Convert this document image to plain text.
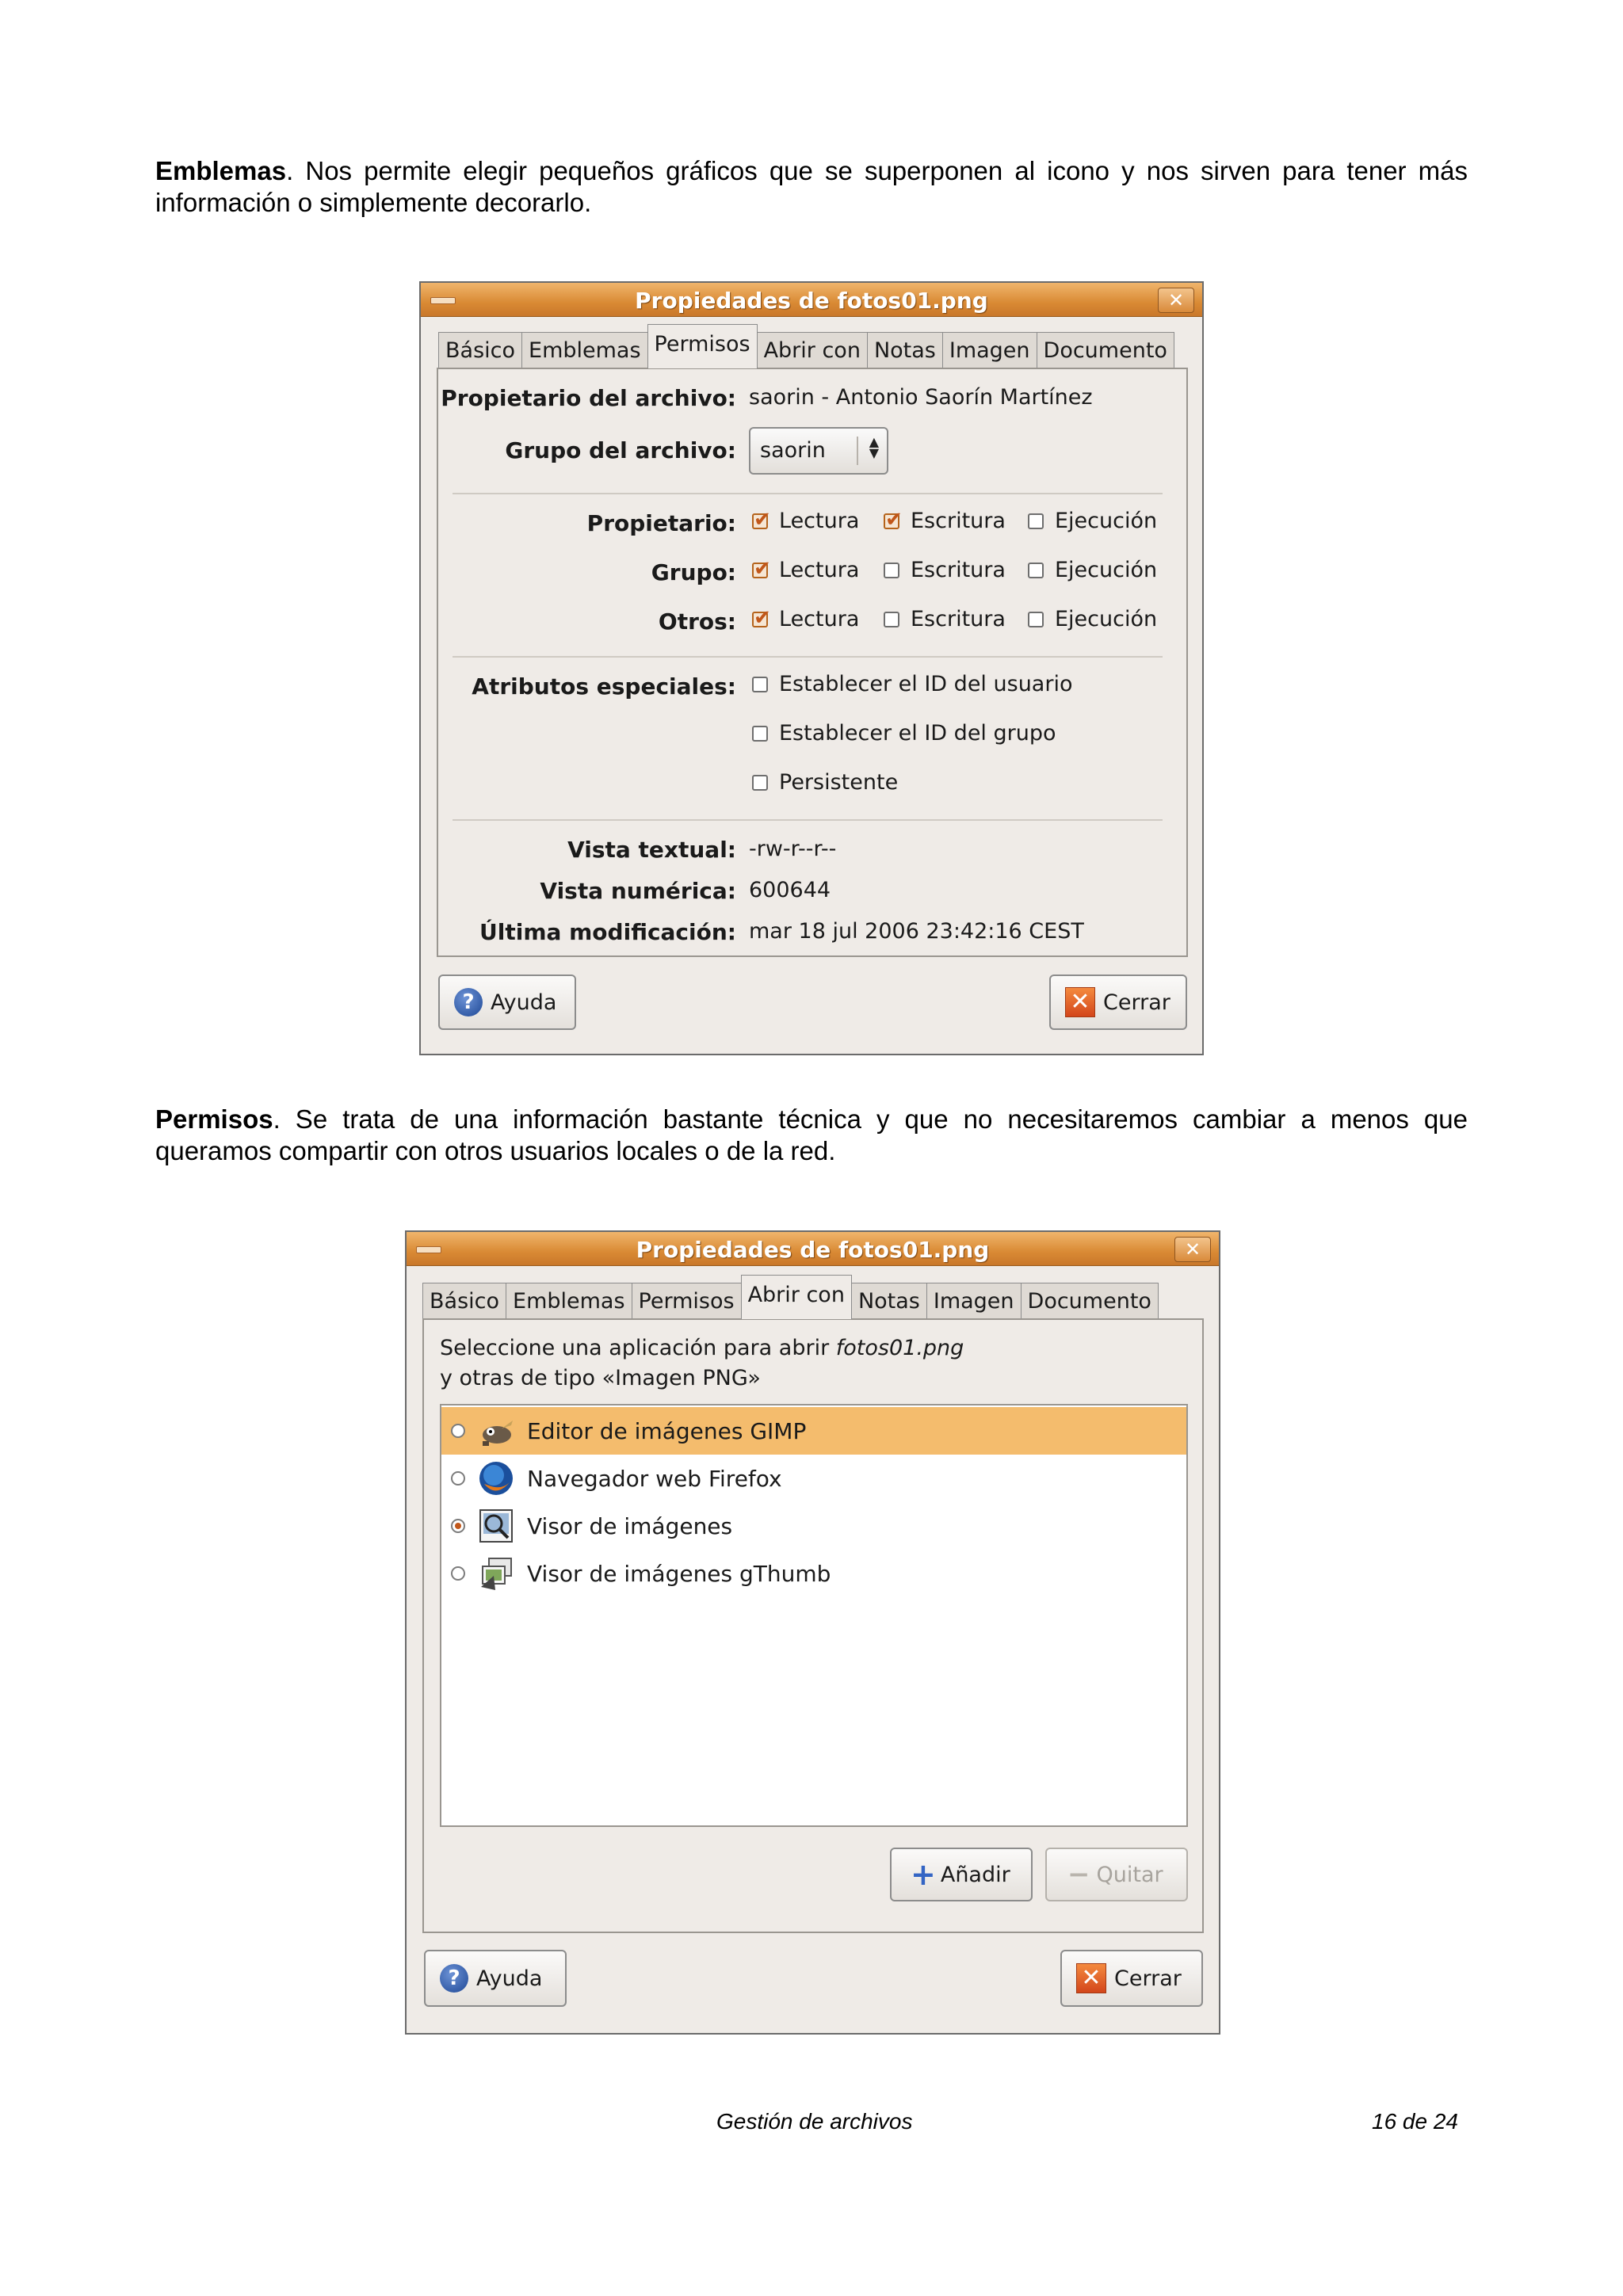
Emblemas. Nos permite elegir pequeños gráficos que se superponen al icono y nos sirven para tener más información o simplemente decorarlo.
Propiedades de fotos01.png	✕
Básico Emblemas Permisos Abrir con Notas Imagen Documento
Propietario del archivo: saorin - Antonio Saorín Martínez
Grupo del archivo: saorin	▲
▼
Propietario: ✔ Lectura ✔ Escritura Ejecución
Grupo: ✔ Lectura Escritura Ejecución
Otros: ✔ Lectura Escritura Ejecución
Atributos especiales: Establecer el ID del usuario
Establecer el ID del grupo
Persistente
Vista textual: -rw-r--r--
Vista numérica: 600644
Última modificación: mar 18 jul 2006 23:42:16 CEST
? Ayuda	✕ Cerrar
Permisos. Se trata de una información bastante técnica y que no necesitaremos cambiar a menos que queramos compartir con otros usuarios locales o de la red.
Propiedades de fotos01.png	✕
Básico Emblemas Permisos Abrir con Notas Imagen Documento
Seleccione una aplicación para abrir fotos01.png
y otras de tipo «Imagen PNG»
Editor de imágenes GIMP
Navegador web Firefox
Visor de imágenes
Visor de imágenes gThumb
+ Añadir − Quitar
? Ayuda	✕ Cerrar
Gestión de archivos	16 de 24
